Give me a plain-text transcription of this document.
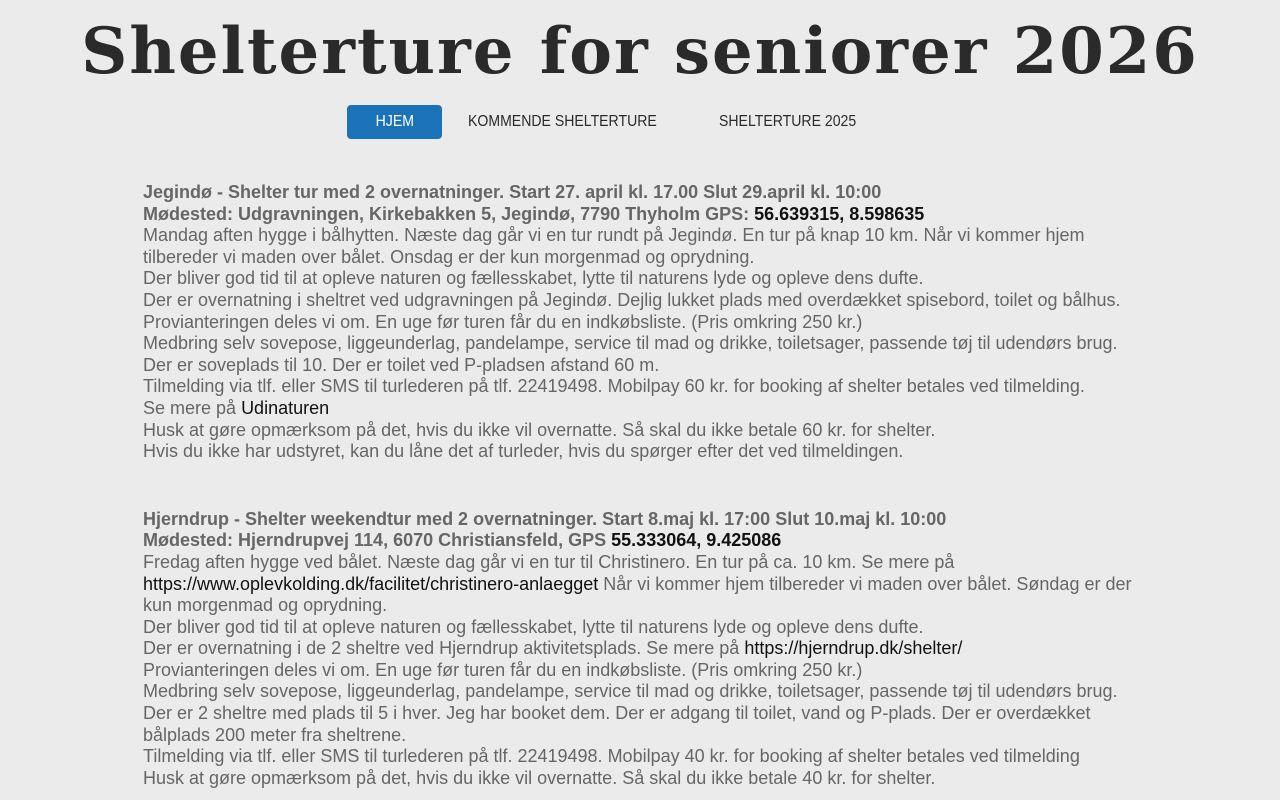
Shelterture for seniorer 2026
HJEM	KOMMENDE SHELTERTURE	SHELTERTURE 2025

Jegindø - Shelter tur med 2 overnatninger. Start 27. april kl. 17.00 Slut 29.april kl. 10:00

Mødested: Udgravningen, Kirkebakken 5, Jegindø, 7790 Thyholm GPS: 56.639315, 8.598635

Mandag aften hygge i bålhytten. Næste dag går vi en tur rundt på Jegindø. En tur på knap 10 km. Når vi kommer hjem tilbereder vi maden over bålet. Onsdag er der kun morgenmad og oprydning.

Der bliver god tid til at opleve naturen og fællesskabet, lytte til naturens lyde og opleve dens dufte.

Der er overnatning i sheltret ved udgravningen på Jegindø. Dejlig lukket plads med overdækket spisebord, toilet og bålhus.

Provianteringen deles vi om. En uge før turen får du en indkøbsliste. (Pris omkring 250 kr.)

Medbring selv sovepose, liggeunderlag, pandelampe, service til mad og drikke, toiletsager, passende tøj til udendørs brug.

Der er soveplads til 10. Der er toilet ved P-pladsen afstand 60 m.

Tilmelding via tlf. eller SMS til turlederen på tlf. 22419498. Mobilpay 60 kr. for booking af shelter betales ved tilmelding.

Se mere på Udinaturen

Husk at gøre opmærksom på det, hvis du ikke vil overnatte. Så skal du ikke betale 60 kr. for shelter.

Hvis du ikke har udstyret, kan du låne det af turleder, hvis du spørger efter det ved tilmeldingen.

Hjerndrup - Shelter weekendtur med 2 overnatninger. Start 8.maj kl. 17:00 Slut 10.maj kl. 10:00

Mødested: Hjerndrupvej 114, 6070 Christiansfeld, GPS 55.333064, 9.425086

Fredag aften hygge ved bålet. Næste dag går vi en tur til Christinero. En tur på ca. 10 km. Se mere på https://www.oplevkolding.dk/facilitet/christinero-anlaegget Når vi kommer hjem tilbereder vi maden over bålet. Søndag er der kun morgenmad og oprydning.

Der bliver god tid til at opleve naturen og fællesskabet, lytte til naturens lyde og opleve dens dufte.

Der er overnatning i de 2 sheltre ved Hjerndrup aktivitetsplads. Se mere på https://hjerndrup.dk/shelter/

Provianteringen deles vi om. En uge før turen får du en indkøbsliste. (Pris omkring 250 kr.)

Medbring selv sovepose, liggeunderlag, pandelampe, service til mad og drikke, toiletsager, passende tøj til udendørs brug.

Der er 2 sheltre med plads til 5 i hver. Jeg har booket dem. Der er adgang til toilet, vand og P-plads. Der er overdækket bålplads 200 meter fra sheltrene.

Tilmelding via tlf. eller SMS til turlederen på tlf. 22419498. Mobilpay 40 kr. for booking af shelter betales ved tilmelding

Husk at gøre opmærksom på det, hvis du ikke vil overnatte. Så skal du ikke betale 40 kr. for shelter.
